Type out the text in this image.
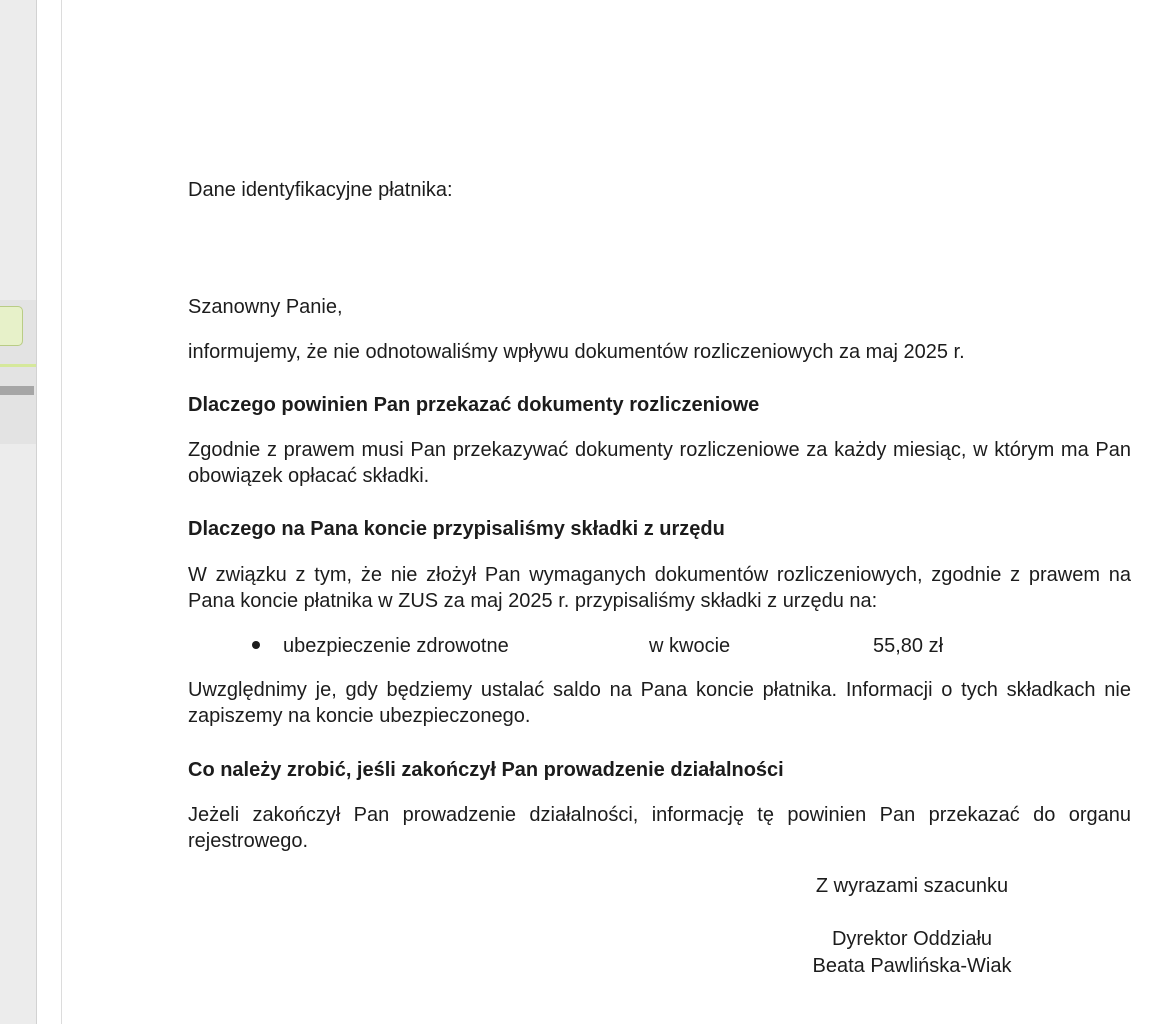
Dane identyfikacyjne płatnika:
Szanowny Panie,
informujemy, że nie odnotowaliśmy wpływu dokumentów rozliczeniowych za maj 2025 r.
Dlaczego powinien Pan przekazać dokumenty rozliczeniowe
Zgodnie z prawem musi Pan przekazywać dokumenty rozliczeniowe za każdy miesiąc, w którym ma Pan obowiązek opłacać składki.
Dlaczego na Pana koncie przypisaliśmy składki z urzędu
W związku z tym, że nie złożył Pan wymaganych dokumentów rozliczeniowych, zgodnie z prawem na Pana koncie płatnika w ZUS za maj 2025 r. przypisaliśmy składki z urzędu na:
ubezpieczenie zdrowotne	w kwocie	55,80 zł
Uwzględnimy je, gdy będziemy ustalać saldo na Pana koncie płatnika. Informacji o tych składkach nie zapiszemy na koncie ubezpieczonego.
Co należy zrobić, jeśli zakończył Pan prowadzenie działalności
Jeżeli zakończył Pan prowadzenie działalności, informację tę powinien Pan przekazać do organu rejestrowego.
Z wyrazami szacunku
Dyrektor Oddziału
Beata Pawlińska-Wiak
